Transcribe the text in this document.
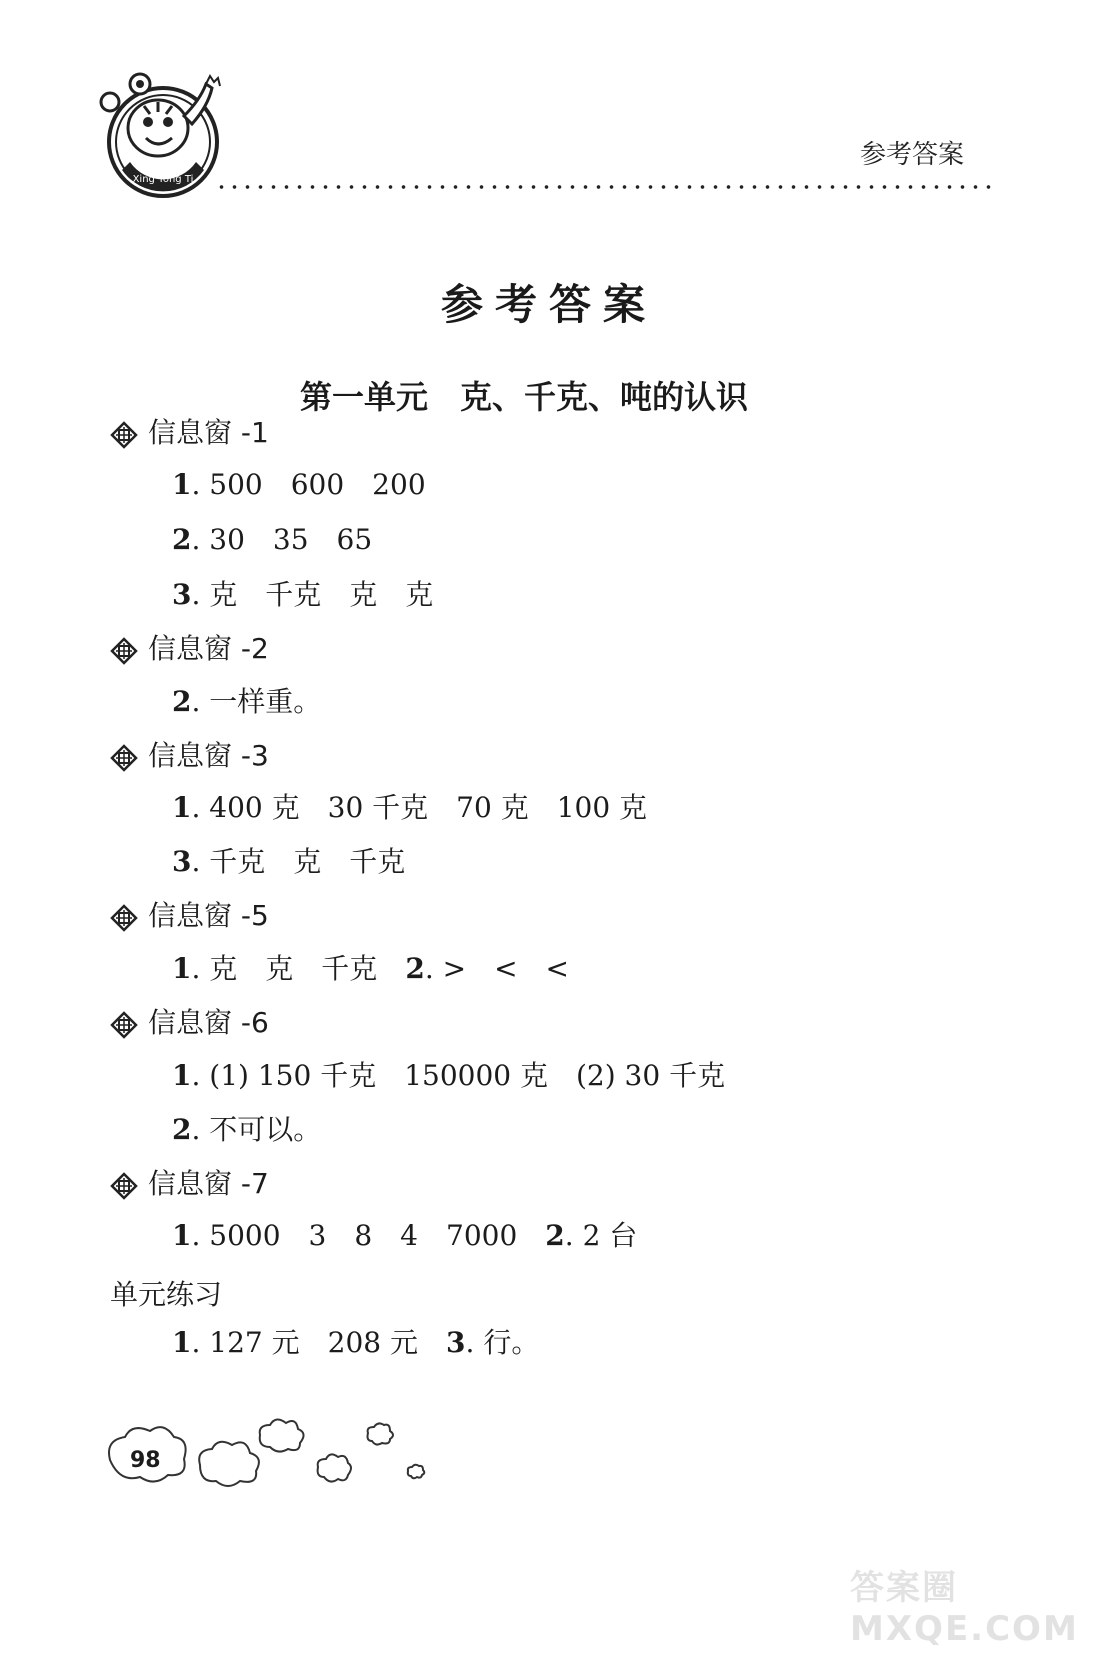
Xing Yong Ti
参考答案
参考答案
第一单元　克、千克、吨的认识
信息窗 -1
1. 500　600　200
2. 30　35　65
3. 克　千克　克　克
信息窗 -2
2. 一样重。
信息窗 -3
1. 400 克　30 千克　70 克　100 克
3. 千克　克　千克
信息窗 -5
1. 克　克　千克　 2. >　<　<
信息窗 -6
1. (1) 150 千克　150000 克　(2) 30 千克
2. 不可以。
信息窗 -7
1. 5000　3　8　4　7000　 2. 2 台
单元练习
1. 127 元　208 元　 3. 行。
98
答案圈 MXQE.COM
